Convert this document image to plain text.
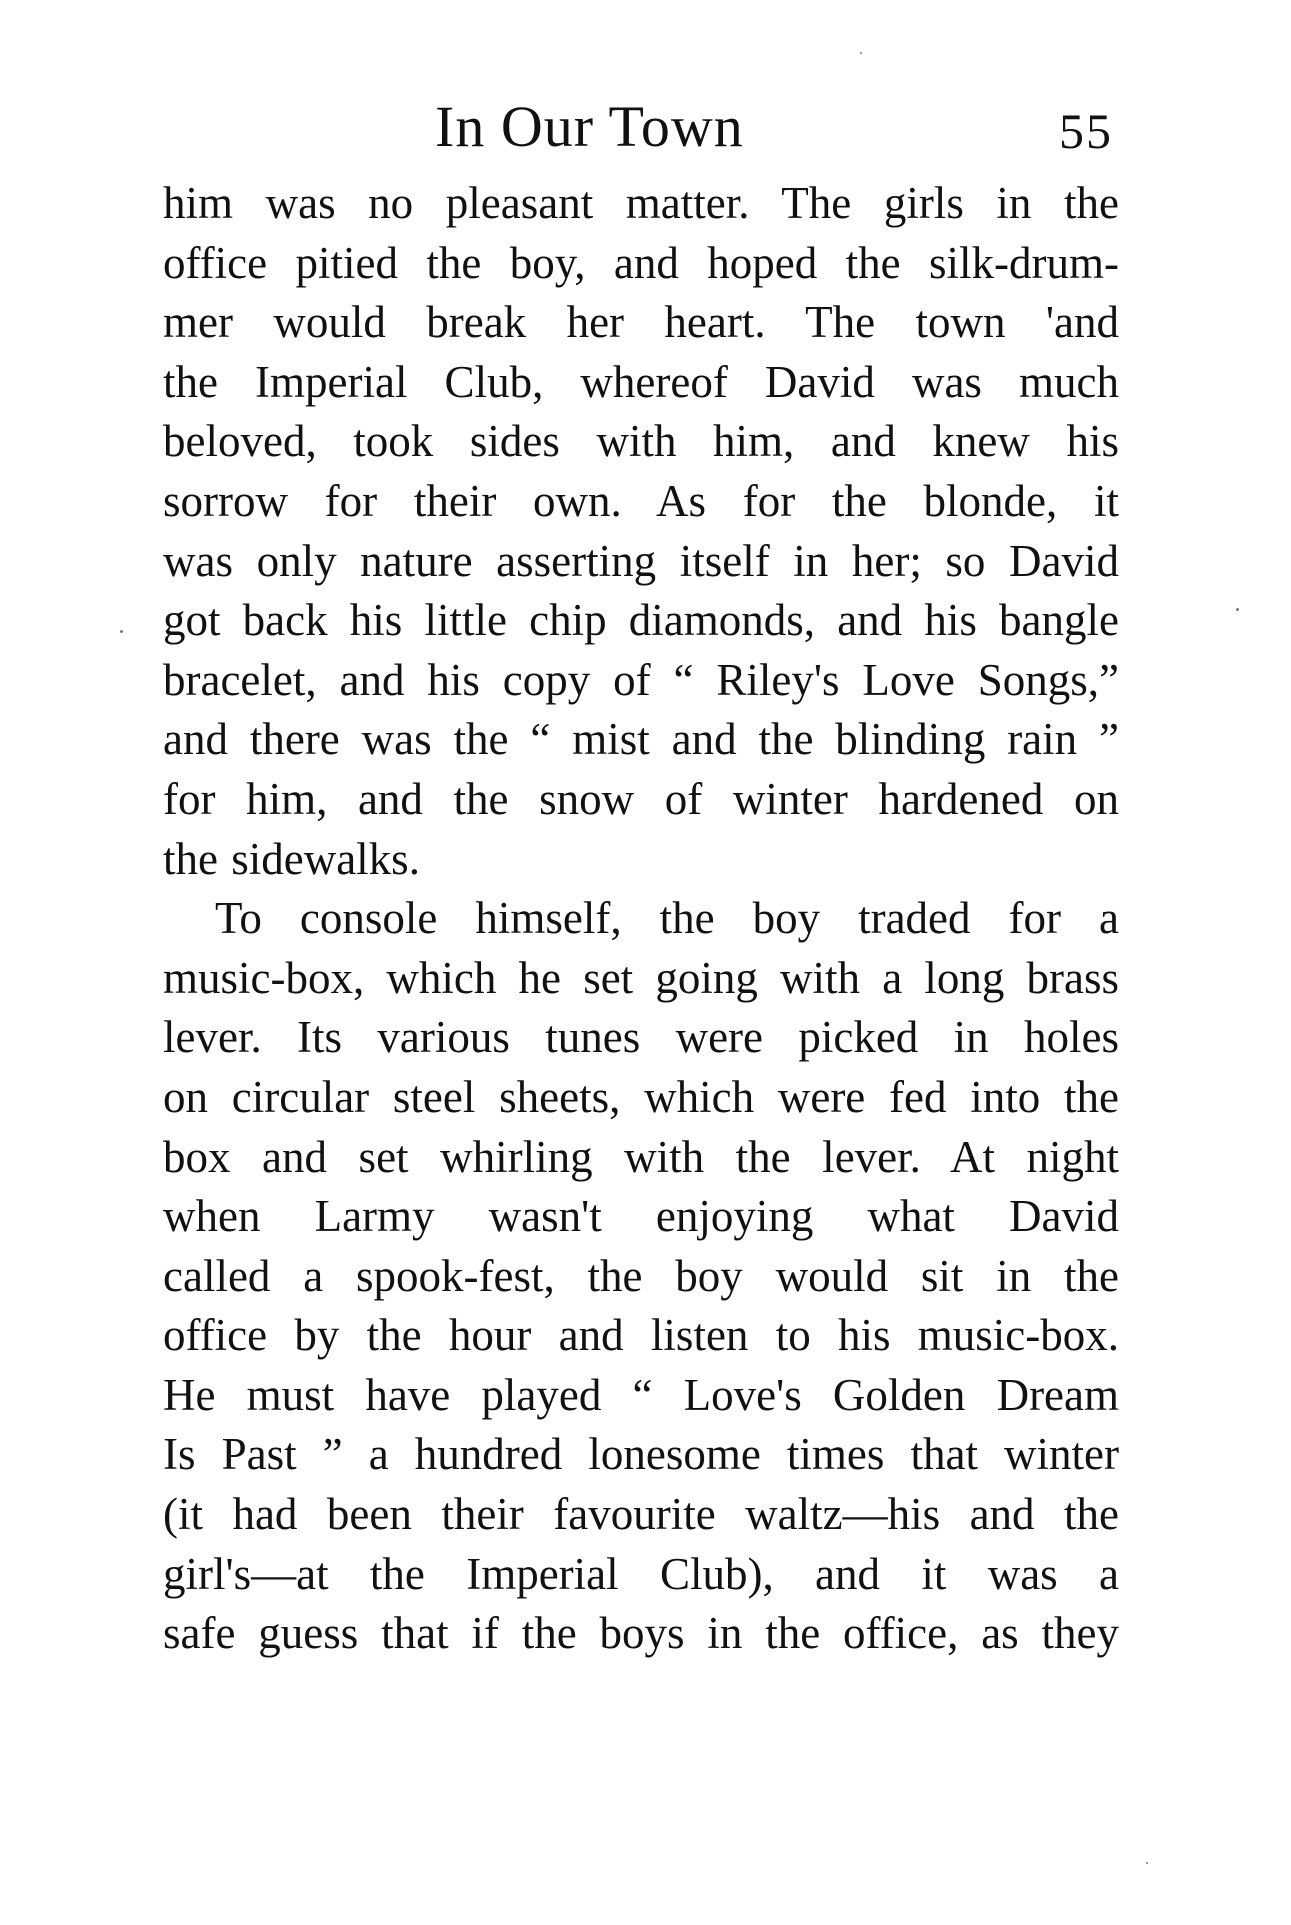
In Our Town	55
him was no pleasant matter. The girls in the
office pitied the boy, and hoped the silk-drum-
mer would break her heart. The town 'and
the Imperial Club, whereof David was much
beloved, took sides with him, and knew his
sorrow for their own. As for the blonde, it
was only nature asserting itself in her; so David
got back his little chip diamonds, and his bangle
bracelet, and his copy of “ Riley's Love Songs,”
and there was the “ mist and the blinding rain ”
for him, and the snow of winter hardened on
the sidewalks.
To console himself, the boy traded for a
music-box, which he set going with a long brass
lever. Its various tunes were picked in holes
on circular steel sheets, which were fed into the
box and set whirling with the lever. At night
when Larmy wasn't enjoying what David
called a spook-fest, the boy would sit in the
office by the hour and listen to his music-box.
He must have played “ Love's Golden Dream
Is Past ” a hundred lonesome times that winter
(it had been their favourite waltz—his and the
girl's—at the Imperial Club), and it was a
safe guess that if the boys in the office, as they
